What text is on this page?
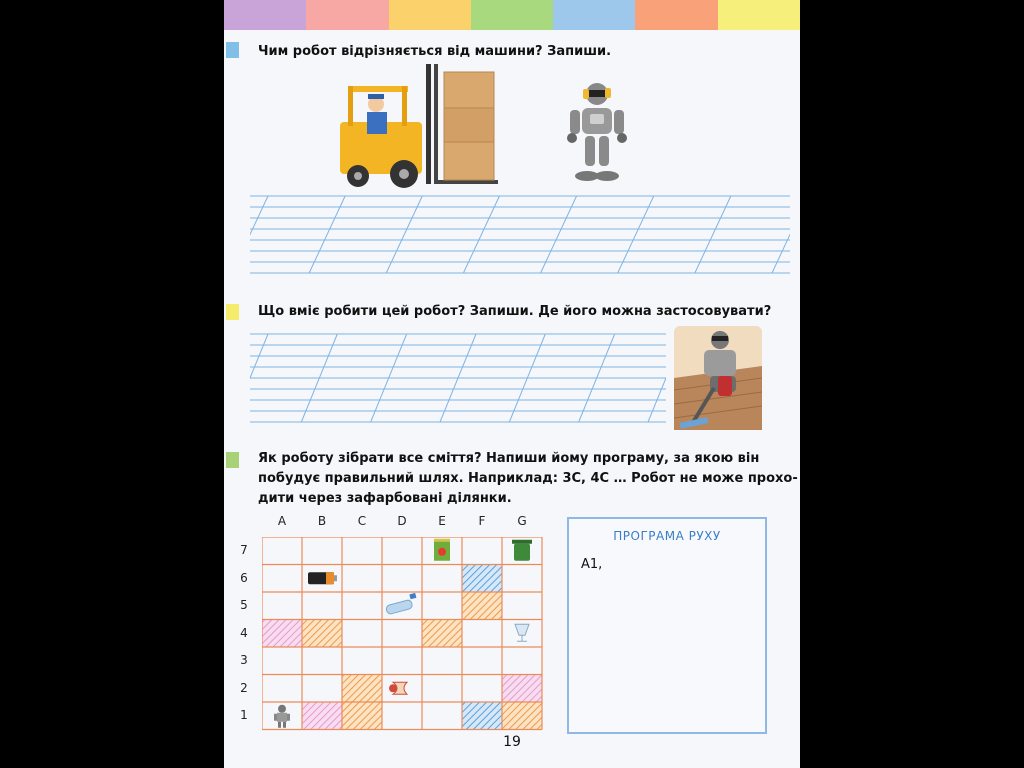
Чим робот відрізняється від машини? Запиши.
Що вміє робити цей робот? Запиши. Де його можна застосовувати?
Як роботу зібрати все сміття? Напиши йому програму, за якою він
побудує правильний шлях. Наприклад: 3С, 4С … Робот не може прохо-
дити через зафарбовані ділянки.
A	B	C	D	E	F	G
7
6
5
4
3
2
1
ПРОГРАМА РУХУ
А1,
19
